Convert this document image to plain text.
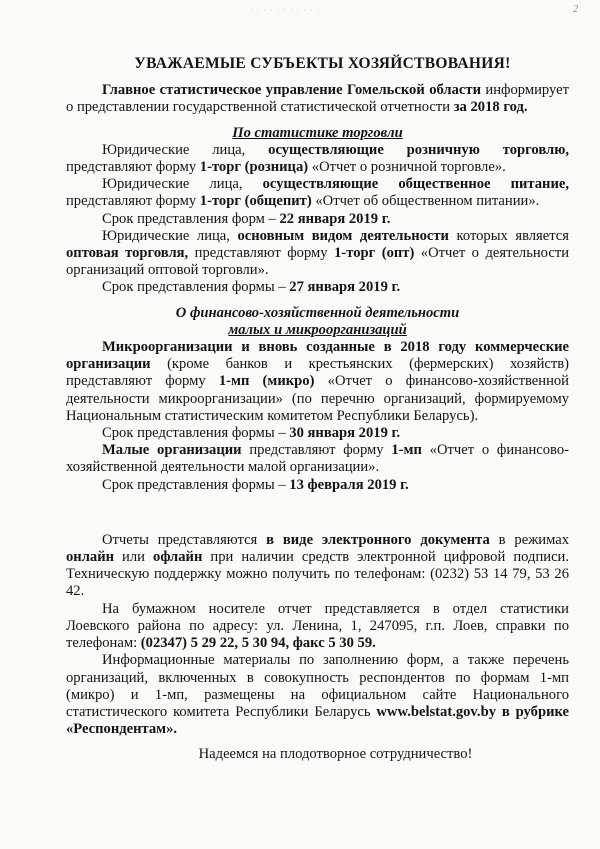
· · · · · · · · · · ·	2

УВАЖАЕМЫЕ СУБЪЕКТЫ ХОЗЯЙСТВОВАНИЯ!

Главное статистическое управление Гомельской области информирует о представлении государственной статистической отчетности за 2018 год.

По статистике торговли

Юридические лица, осуществляющие розничную торговлю, представляют форму 1-торг (розница) «Отчет о розничной торговле».

Юридические лица, осуществляющие общественное питание, представляют форму 1-торг (общепит) «Отчет об общественном питании».

Срок представления форм – 22 января 2019 г.

Юридические лица, основным видом деятельности которых является оптовая торговля, представляют форму 1-торг (опт) «Отчет о деятельности организаций оптовой торговли».

Срок представления формы – 27 января 2019 г.

О финансово-хозяйственной деятельности

малых и микроорганизаций

Микроорганизации и вновь созданные в 2018 году коммерческие организации (кроме банков и крестьянских (фермерских) хозяйств) представляют форму 1-мп (микро) «Отчет о финансово-хозяйственной деятельности микроорганизации» (по перечню организаций, формируемому Национальным статистическим комитетом Республики Беларусь).

Срок представления формы – 30 января 2019 г.

Малые организации представляют форму 1-мп «Отчет о финансово-хозяйственной деятельности малой организации».

Срок представления формы – 13 февраля 2019 г.

Отчеты представляются в виде электронного документа в режимах онлайн или офлайн при наличии средств электронной цифровой подписи. Техническую поддержку можно получить по телефонам: (0232) 53 14 79, 53 26 42.

На бумажном носителе отчет представляется в отдел статистики Лоевского района по адресу: ул. Ленина, 1, 247095, г.п. Лоев, справки по телефонам: (02347) 5 29 22, 5 30 94, факс 5 30 59.

Информационные материалы по заполнению форм, а также перечень организаций, включенных в совокупность респондентов по формам 1-мп (микро) и 1-мп, размещены на официальном сайте Национального статистического комитета Республики Беларусь www.belstat.gov.by в рубрике «Респондентам».

Надеемся на плодотворное сотрудничество!
